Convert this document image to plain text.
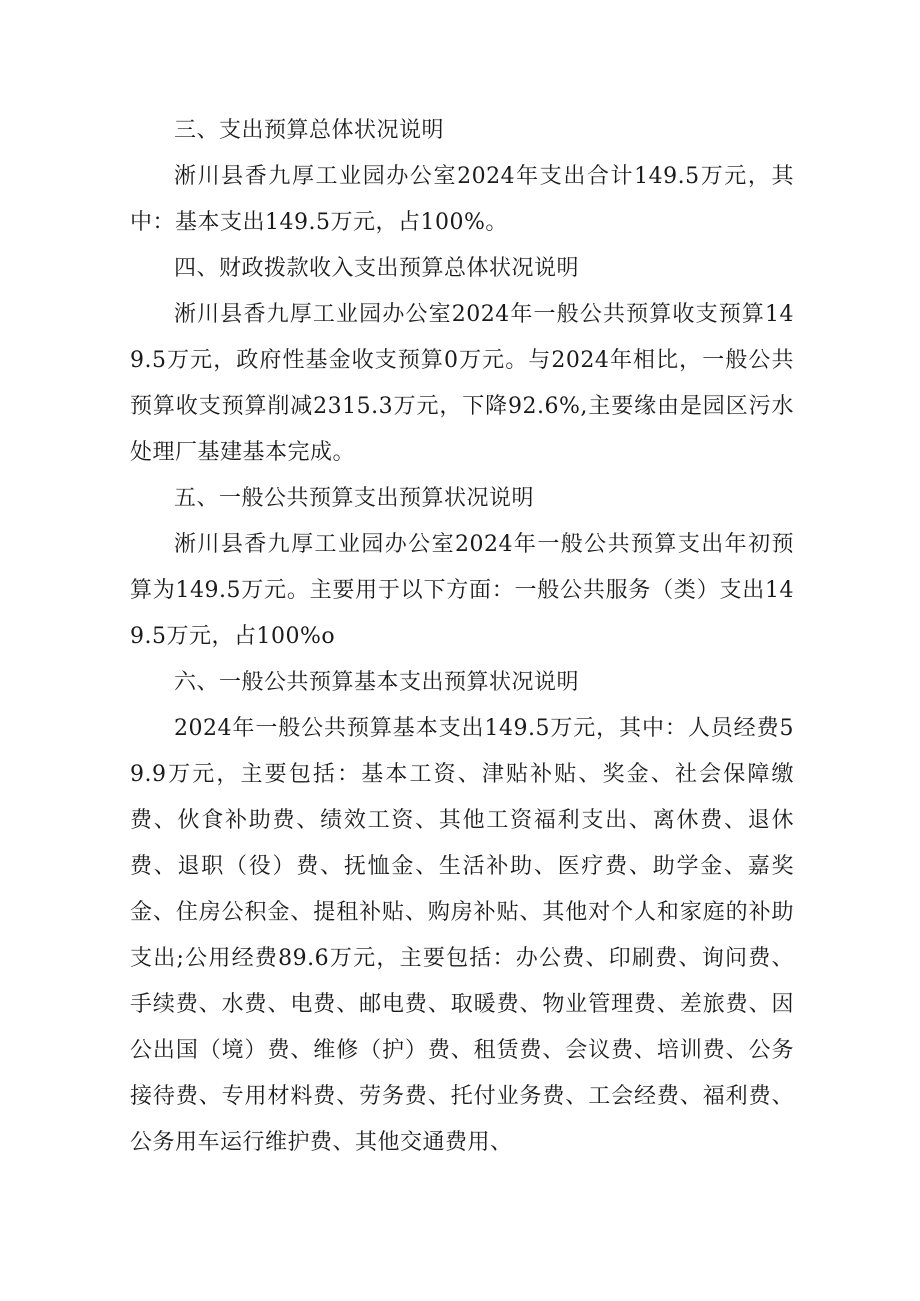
三、支出预算总体状况说明

淅川县香九厚工业园办公室2024年支出合计149.5万元，其中：基本支出149.5万元，占100%。

四、财政拨款收入支出预算总体状况说明

淅川县香九厚工业园办公室2024年一般公共预算收支预算149.5万元，政府性基金收支预算0万元。与2024年相比，一般公共预算收支预算削减2315.3万元，下降92.6%,主要缘由是园区污水处理厂基建基本完成。

五、一般公共预算支出预算状况说明

淅川县香九厚工业园办公室2024年一般公共预算支出年初预算为149.5万元。主要用于以下方面：一般公共服务（类）支出149.5万元，占100%o

六、一般公共预算基本支出预算状况说明

2024年一般公共预算基本支出149.5万元，其中：人员经费59.9万元，主要包括：基本工资、津贴补贴、奖金、社会保障缴费、伙食补助费、绩效工资、其他工资福利支出、离休费、退休费、退职（役）费、抚恤金、生活补助、医疗费、助学金、嘉奖金、住房公积金、提租补贴、购房补贴、其他对个人和家庭的补助支出;公用经费89.6万元，主要包括：办公费、印刷费、询问费、手续费、水费、电费、邮电费、取暖费、物业管理费、差旅费、因公出国（境）费、维修（护）费、租赁费、会议费、培训费、公务接待费、专用材料费、劳务费、托付业务费、工会经费、福利费、公务用车运行维护费、其他交通费用、
